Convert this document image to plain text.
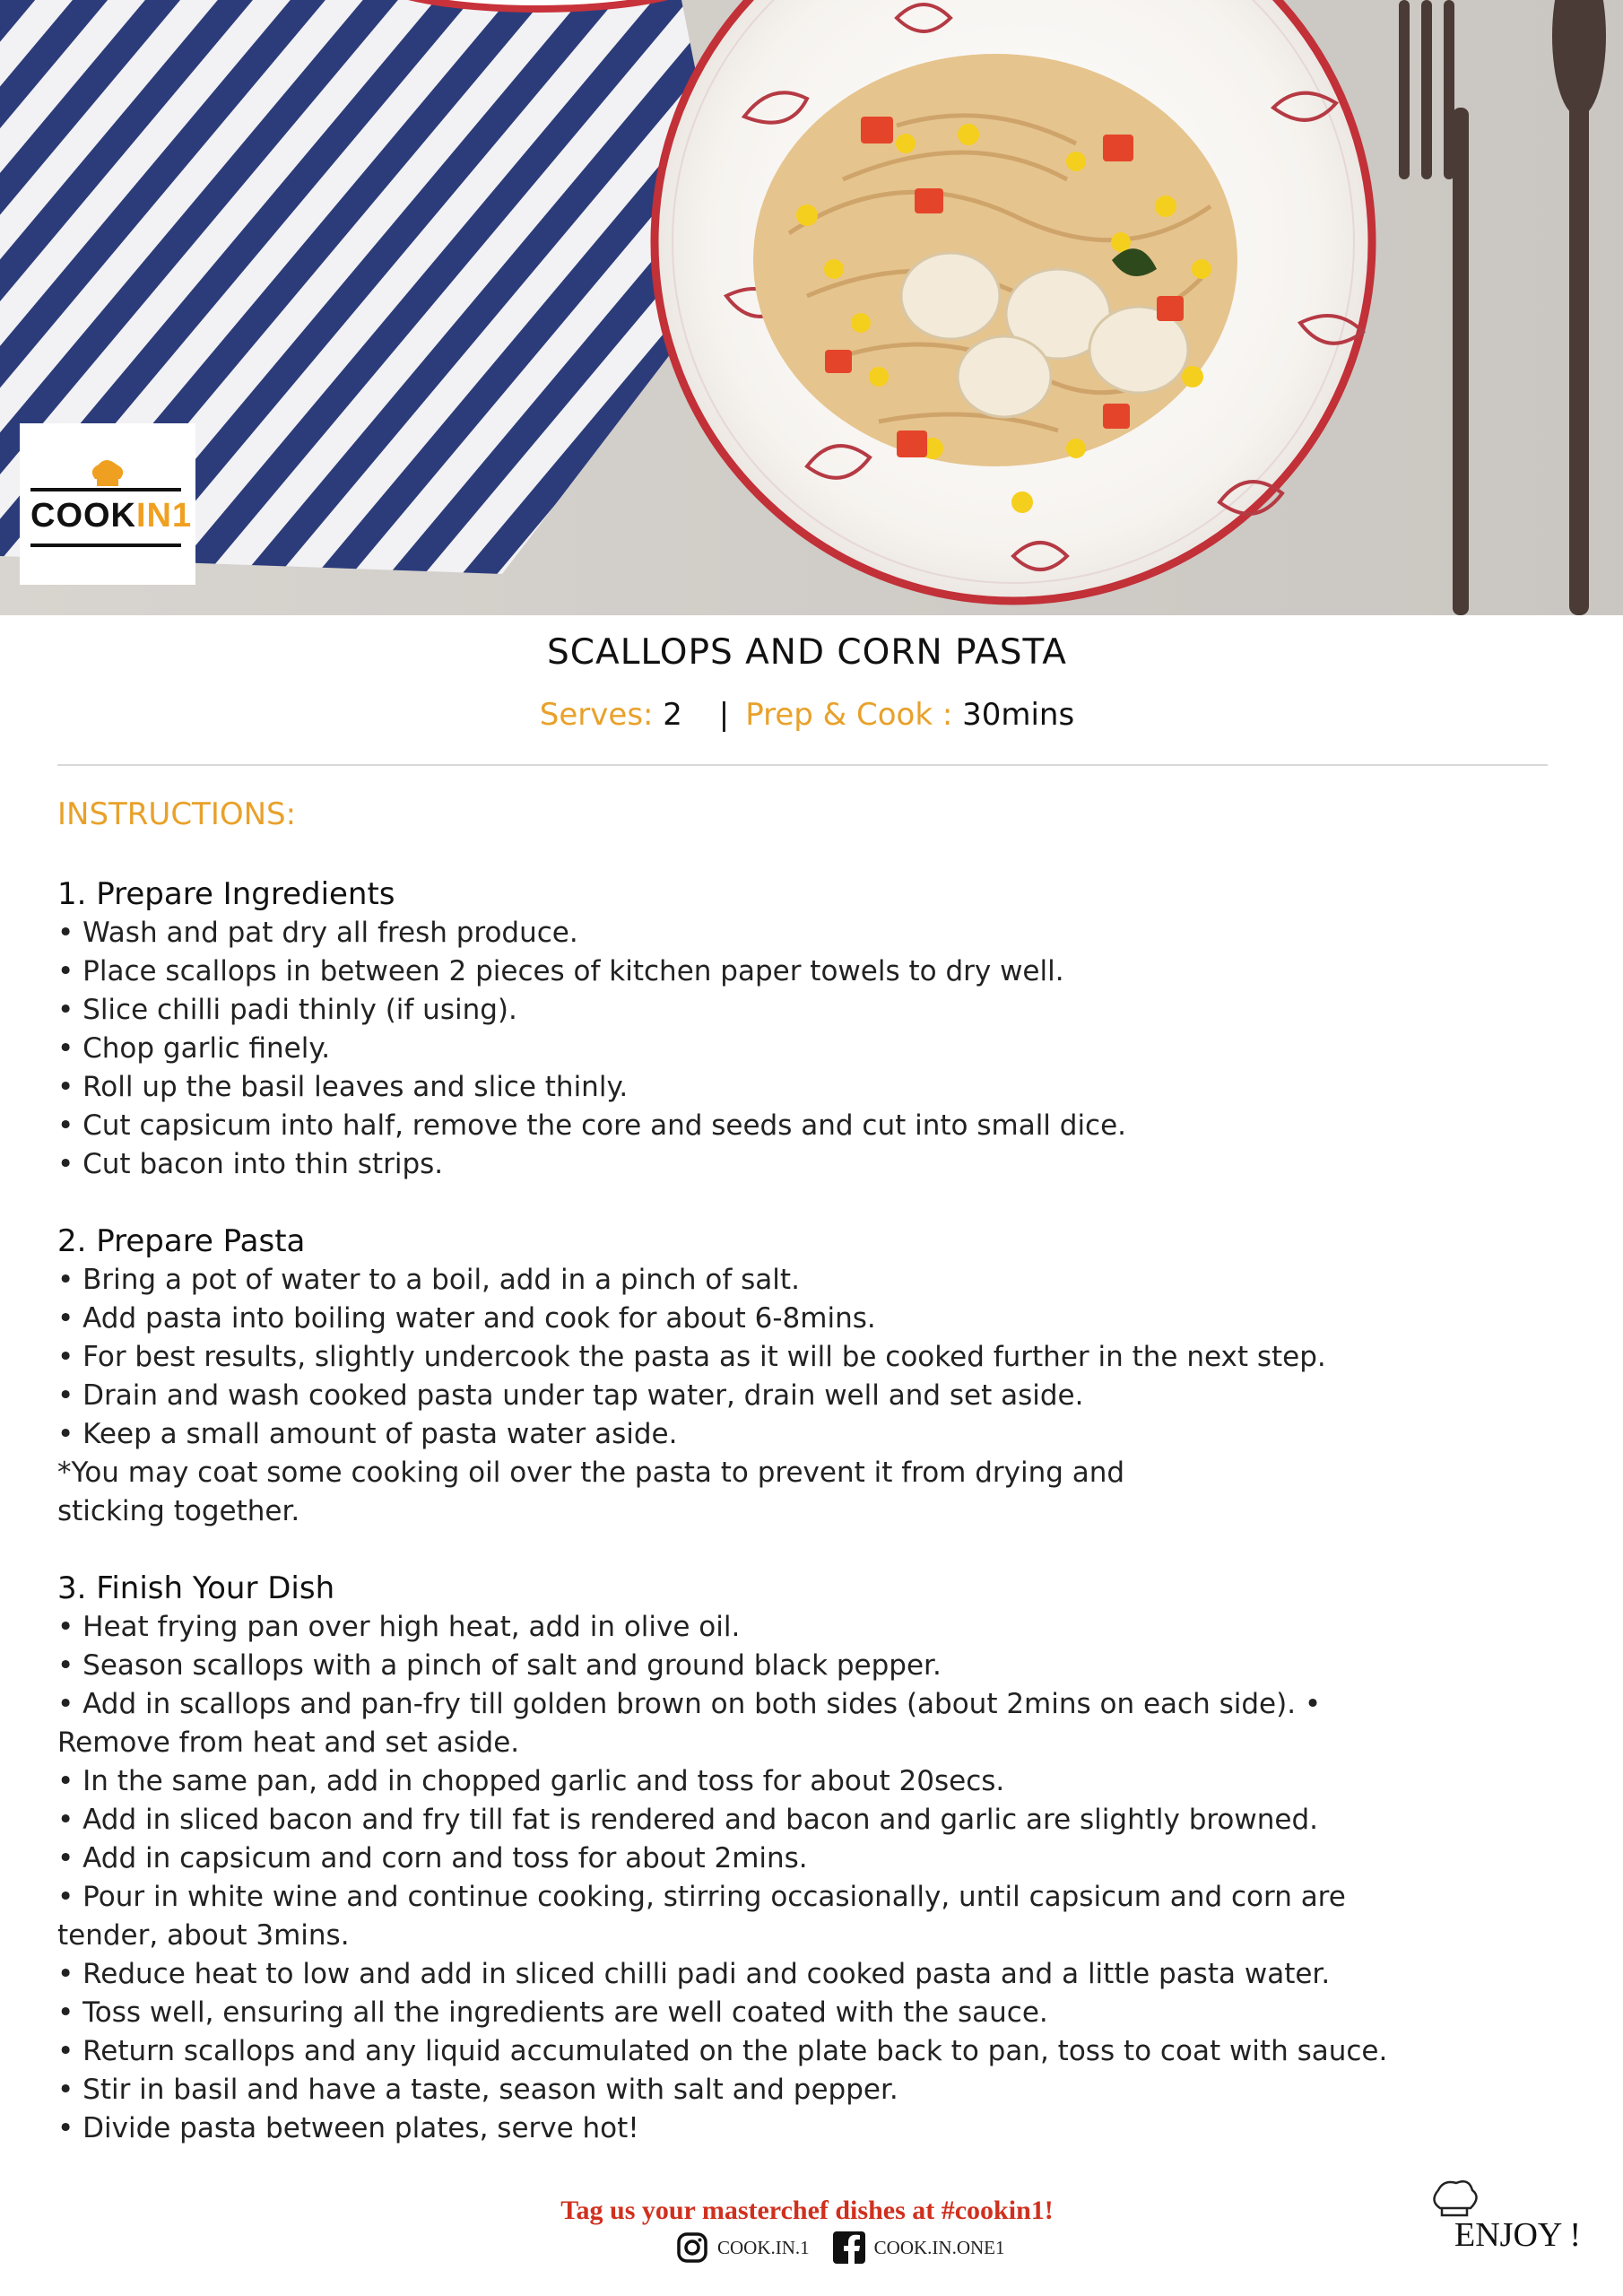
COOKIN1
SCALLOPS AND CORN PASTA
Serves: 2 | Prep & Cook : 30mins
INSTRUCTIONS:
1. Prepare Ingredients
• Wash and pat dry all fresh produce.
• Place scallops in between 2 pieces of kitchen paper towels to dry well.
• Slice chilli padi thinly (if using).
• Chop garlic finely.
• Roll up the basil leaves and slice thinly.
• Cut capsicum into half, remove the core and seeds and cut into small dice.
• Cut bacon into thin strips.
2. Prepare Pasta
• Bring a pot of water to a boil, add in a pinch of salt.
• Add pasta into boiling water and cook for about 6-8mins.
• For best results, slightly undercook the pasta as it will be cooked further in the next step.
• Drain and wash cooked pasta under tap water, drain well and set aside.
• Keep a small amount of pasta water aside.
*You may coat some cooking oil over the pasta to prevent it from drying and
sticking together.
3. Finish Your Dish
• Heat frying pan over high heat, add in olive oil.
• Season scallops with a pinch of salt and ground black pepper.
• Add in scallops and pan-fry till golden brown on both sides (about 2mins on each side). •
Remove from heat and set aside.
• In the same pan, add in chopped garlic and toss for about 20secs.
• Add in sliced bacon and fry till fat is rendered and bacon and garlic are slightly browned.
• Add in capsicum and corn and toss for about 2mins.
• Pour in white wine and continue cooking, stirring occasionally, until capsicum and corn are
tender, about 3mins.
• Reduce heat to low and add in sliced chilli padi and cooked pasta and a little pasta water.
• Toss well, ensuring all the ingredients are well coated with the sauce.
• Return scallops and any liquid accumulated on the plate back to pan, toss to coat with sauce.
• Stir in basil and have a taste, season with salt and pepper.
• Divide pasta between plates, serve hot!
Tag us your masterchef dishes at #cookin1!
COOK.IN.1	COOK.IN.ONE1	ENJOY !
